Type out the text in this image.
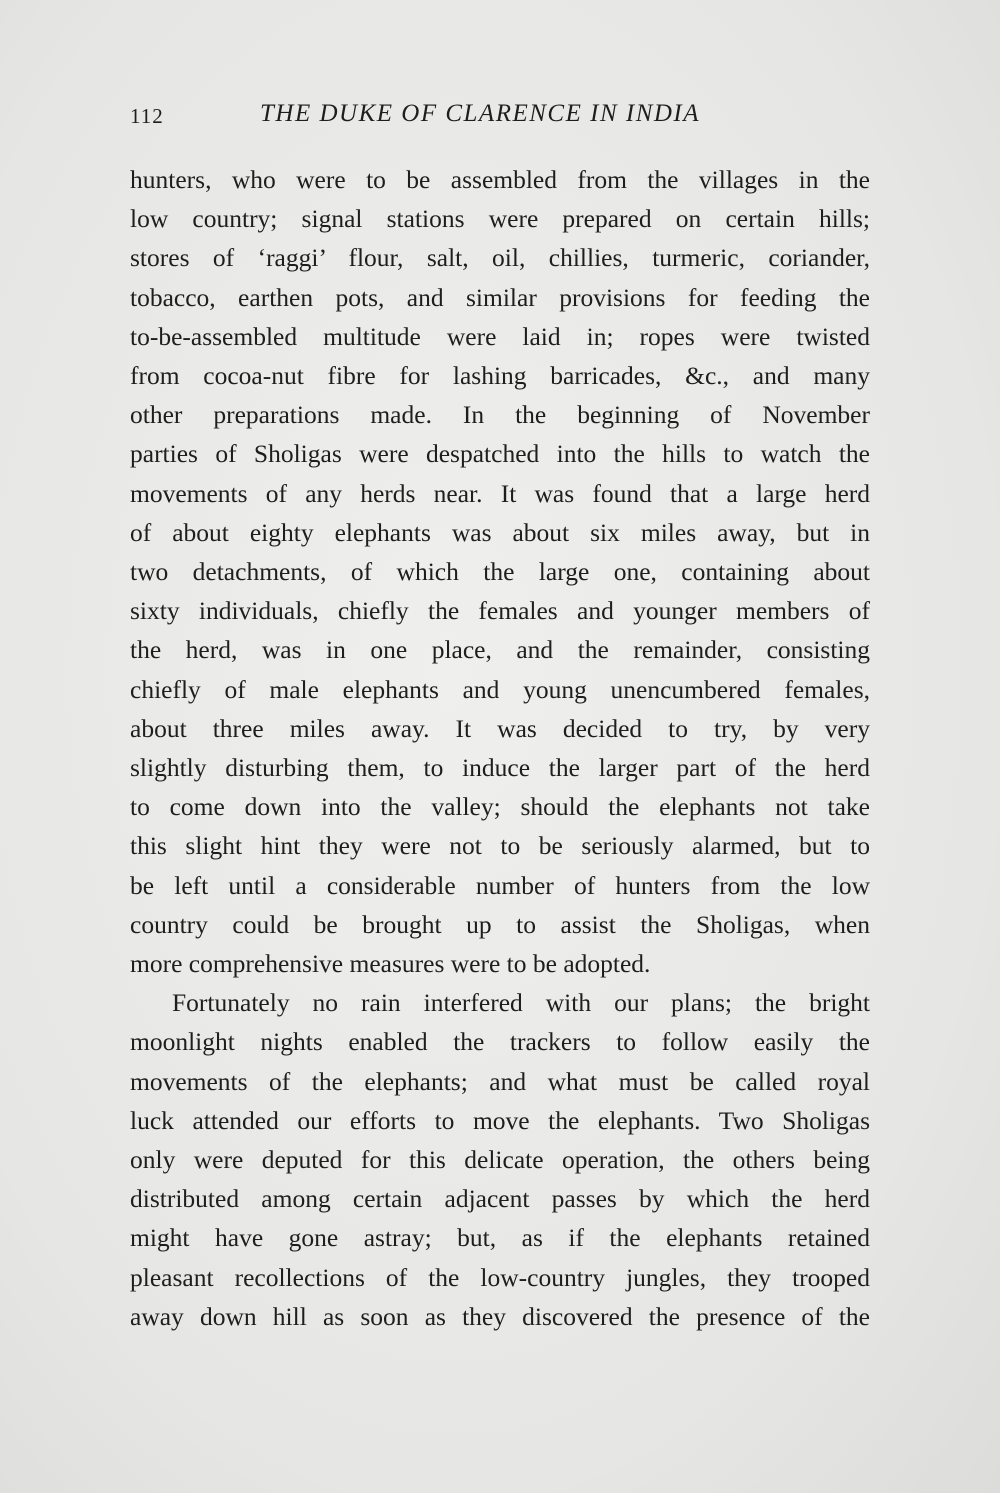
112	THE DUKE OF CLARENCE IN INDIA

hunters, who were to be assembled from the villages in the
low country; signal stations were prepared on certain hills;
stores of ‘raggi’ flour, salt, oil, chillies, turmeric, coriander,
tobacco, earthen pots, and similar provisions for feeding the
to-be-assembled multitude were laid in; ropes were twisted
from cocoa-nut fibre for lashing barricades, &c., and many
other preparations made. In the beginning of November
parties of Sholigas were despatched into the hills to watch the
movements of any herds near. It was found that a large herd
of about eighty elephants was about six miles away, but in
two detachments, of which the large one, containing about
sixty individuals, chiefly the females and younger members of
the herd, was in one place, and the remainder, consisting
chiefly of male elephants and young unencumbered females,
about three miles away. It was decided to try, by very
slightly disturbing them, to induce the larger part of the herd
to come down into the valley; should the elephants not take
this slight hint they were not to be seriously alarmed, but to
be left until a considerable number of hunters from the low
country could be brought up to assist the Sholigas, when
more comprehensive measures were to be adopted.

Fortunately no rain interfered with our plans; the bright
moonlight nights enabled the trackers to follow easily the
movements of the elephants; and what must be called royal
luck attended our efforts to move the elephants. Two Sholigas
only were deputed for this delicate operation, the others being
distributed among certain adjacent passes by which the herd
might have gone astray; but, as if the elephants retained
pleasant recollections of the low-country jungles, they trooped
away down hill as soon as they discovered the presence of the
